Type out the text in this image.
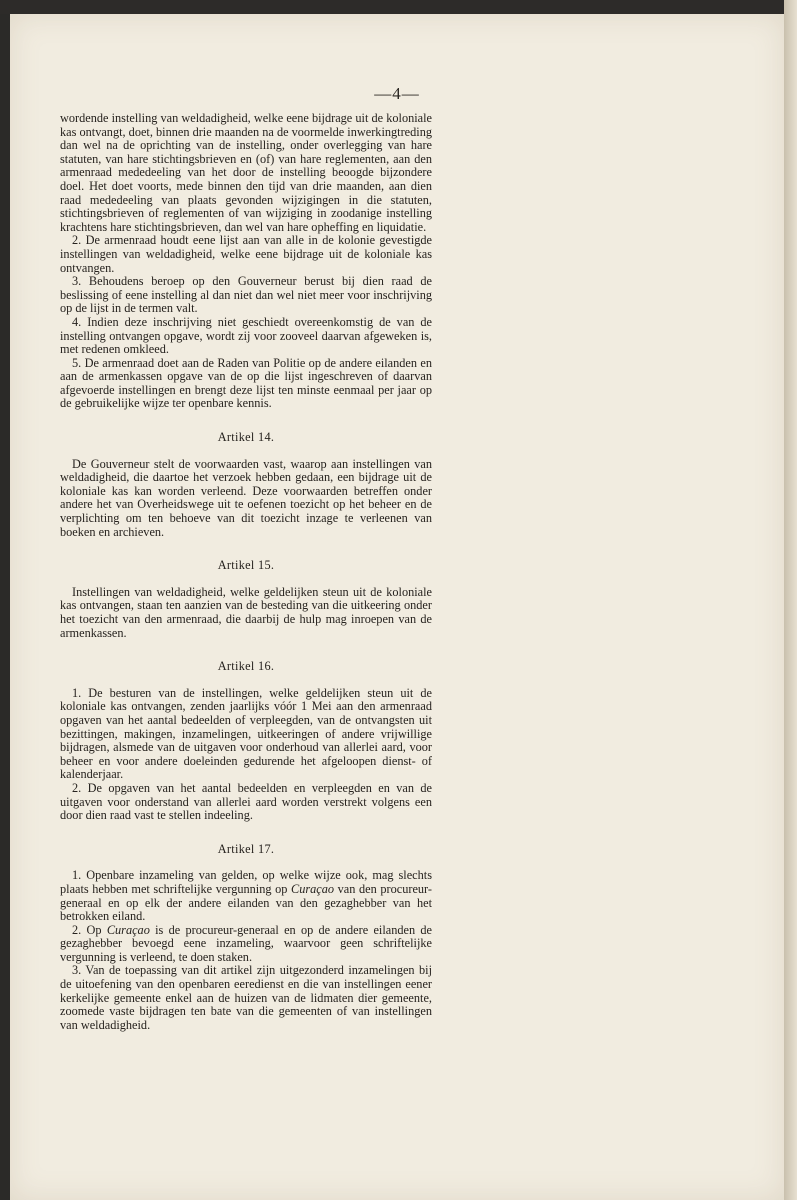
—4—

wordende instelling van weldadigheid, welke eene bijdrage uit de koloniale kas ontvangt, doet, binnen drie maanden na de voormelde inwerkingtreding dan wel na de oprichting van de instelling, onder overlegging van hare statuten, van hare stichtingsbrieven en (of) van hare reglementen, aan den armenraad mededeeling van het door de instelling beoogde bijzondere doel. Het doet voorts, mede binnen den tijd van drie maanden, aan dien raad mededeeling van plaats gevonden wijzigingen in die statuten, stichtingsbrieven of reglementen of van wijziging in zoodanige instelling krachtens hare stichtingsbrieven, dan wel van hare opheffing en liquidatie.

2. De armenraad houdt eene lijst aan van alle in de kolonie gevestigde instellingen van weldadigheid, welke eene bijdrage uit de koloniale kas ontvangen.

3. Behoudens beroep op den Gouverneur berust bij dien raad de beslissing of eene instelling al dan niet dan wel niet meer voor inschrijving op de lijst in de termen valt.

4. Indien deze inschrijving niet geschiedt overeenkomstig de van de instelling ontvangen opgave, wordt zij voor zooveel daarvan afgeweken is, met redenen omkleed.

5. De armenraad doet aan de Raden van Politie op de andere eilanden en aan de armenkassen opgave van de op die lijst ingeschreven of daarvan afgevoerde instellingen en brengt deze lijst ten minste eenmaal per jaar op de gebruikelijke wijze ter openbare kennis.

Artikel 14.

De Gouverneur stelt de voorwaarden vast, waarop aan instellingen van weldadigheid, die daartoe het verzoek hebben gedaan, een bijdrage uit de koloniale kas kan worden verleend. Deze voorwaarden betreffen onder andere het van Overheidswege uit te oefenen toezicht op het beheer en de verplichting om ten behoeve van dit toezicht inzage te verleenen van boeken en archieven.

Artikel 15.

Instellingen van weldadigheid, welke geldelijken steun uit de koloniale kas ontvangen, staan ten aanzien van de besteding van die uitkeering onder het toezicht van den armenraad, die daarbij de hulp mag inroepen van de armenkassen.

Artikel 16.

1. De besturen van de instellingen, welke geldelijken steun uit de koloniale kas ontvangen, zenden jaarlijks vóór 1 Mei aan den armenraad opgaven van het aantal bedeelden of verpleegden, van de ontvangsten uit bezittingen, makingen, inzamelingen, uitkeeringen of andere vrijwillige bijdragen, alsmede van de uitgaven voor onderhoud van allerlei aard, voor beheer en voor andere doeleinden gedurende het afgeloopen dienst- of kalenderjaar.

2. De opgaven van het aantal bedeelden en verpleegden en van de uitgaven voor onderstand van allerlei aard worden verstrekt volgens een door dien raad vast te stellen indeeling.

Artikel 17.

1. Openbare inzameling van gelden, op welke wijze ook, mag slechts plaats hebben met schriftelijke vergunning op Curaçao van den procureur-generaal en op elk der andere eilanden van den gezaghebber van het betrokken eiland.

2. Op Curaçao is de procureur-generaal en op de andere eilanden de gezaghebber bevoegd eene inzameling, waarvoor geen schriftelijke vergunning is verleend, te doen staken.

3. Van de toepassing van dit artikel zijn uitgezonderd inzamelingen bij de uitoefening van den openbaren eeredienst en die van instellingen eener kerkelijke gemeente enkel aan de huizen van de lidmaten dier gemeente, zoomede vaste bijdragen ten bate van die gemeenten of van instellingen van weldadigheid.
